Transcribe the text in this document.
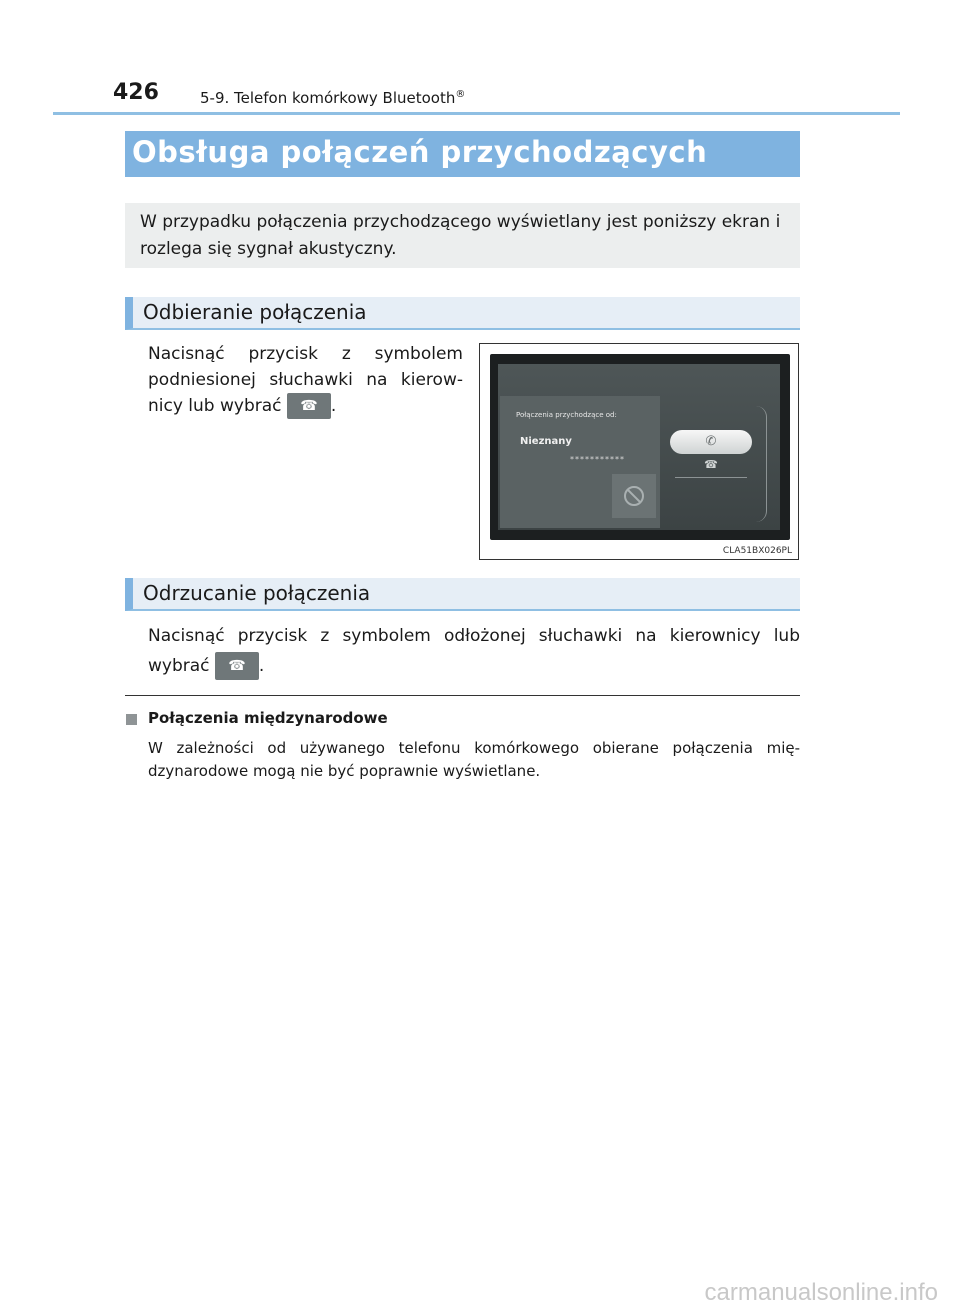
426	5-9. Telefon komórkowy Bluetooth®
Obsługa połączeń przychodzących
W przypadku połączenia przychodzącego wyświetlany jest poniższy ekran i rozlega się sygnał akustyczny.
Odbieranie połączenia
Nacisnąć przycisk z symbolem podniesionej słuchawki na kierow-nicy lub wybrać ☎ .	Połączenia przychodzące od:
Nieznany
***********
✆
☎
CLA51BX026PL
Odrzucanie połączenia
Nacisnąć przycisk z symbolem odłożonej słuchawki na kierownicy lub wybrać ☎ .
Połączenia międzynarodowe
W zależności od używanego telefonu komórkowego obierane połączenia mię-dzynarodowe mogą nie być poprawnie wyświetlane.
carmanualsonline.info
